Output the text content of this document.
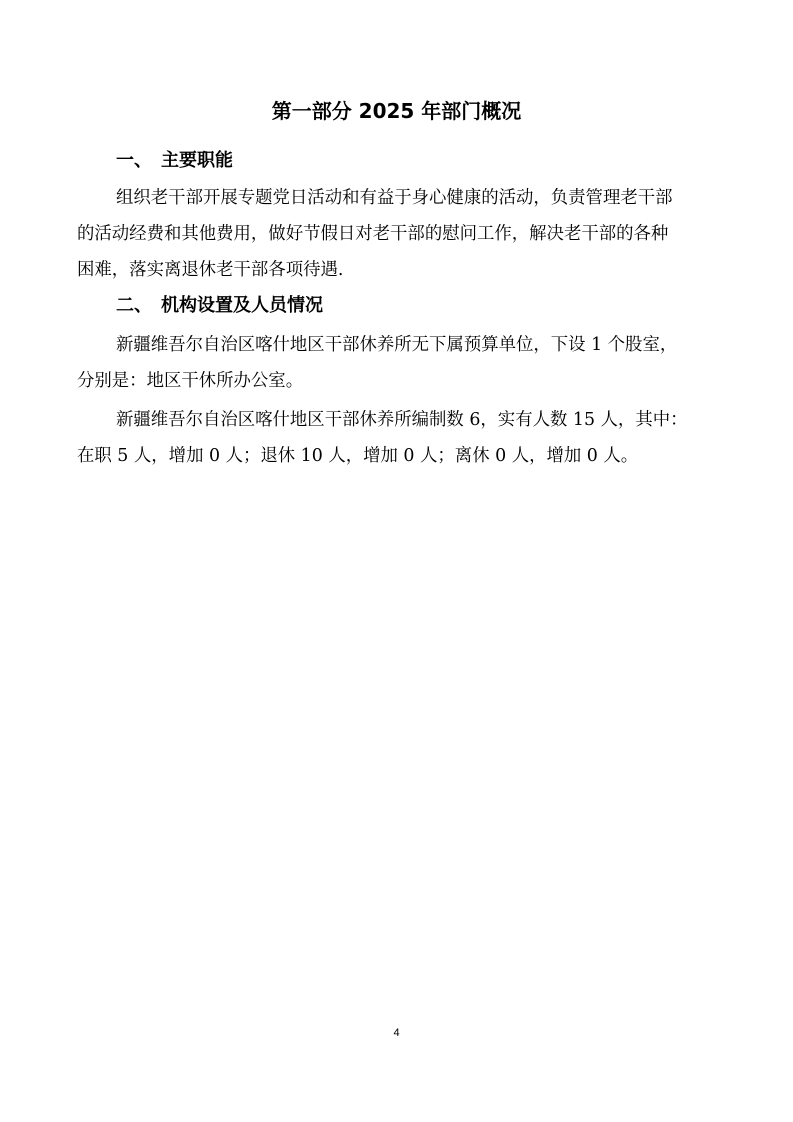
第一部分 2025 年部门概况
一、 主要职能
组织老干部开展专题党日活动和有益于身心健康的活动，负责管理老干部
的活动经费和其他费用，做好节假日对老干部的慰问工作，解决老干部的各种
困难，落实离退休老干部各项待遇.
二、 机构设置及人员情况
新疆维吾尔自治区喀什地区干部休养所无下属预算单位，下设 1 个股室，
分别是：地区干休所办公室。
新疆维吾尔自治区喀什地区干部休养所编制数 6，实有人数 15 人，其中：
在职 5 人，增加 0 人；退休 10 人，增加 0 人；离休 0 人，增加 0 人。
4
